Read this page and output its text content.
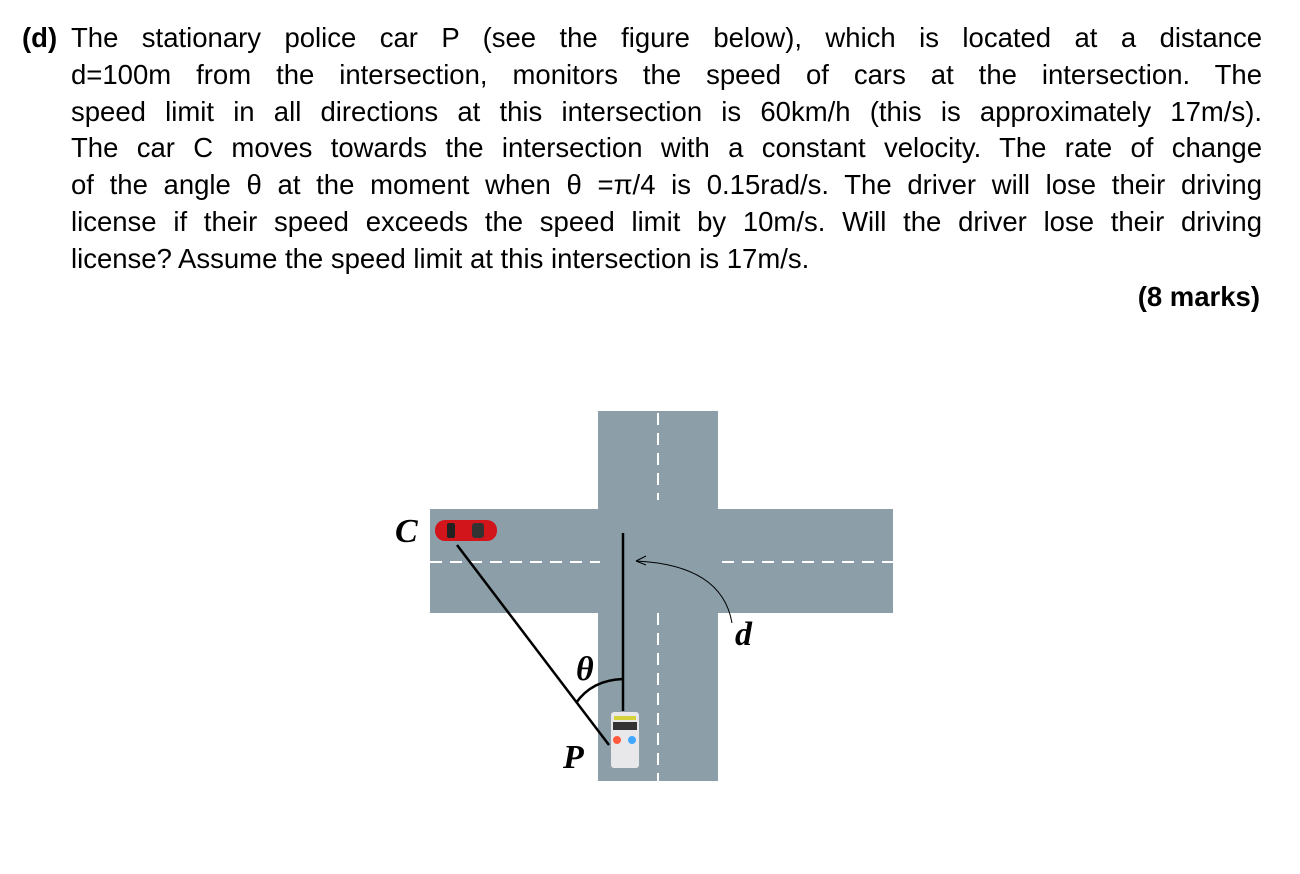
(d) The stationary police car P (see the figure below), which is located at a distance
d=100m from the intersection, monitors the speed of cars at the intersection. The
speed limit in all directions at this intersection is 60km/h (this is approximately 17m/s).
The car C moves towards the intersection with a constant velocity. The rate of change
of the angle θ at the moment when θ =π/4 is 0.15rad/s. The driver will lose their driving
license if their speed exceeds the speed limit by 10m/s. Will the driver lose their driving
license? Assume the speed limit at this intersection is 17m/s.
(8 marks)
C
P
θ
d
